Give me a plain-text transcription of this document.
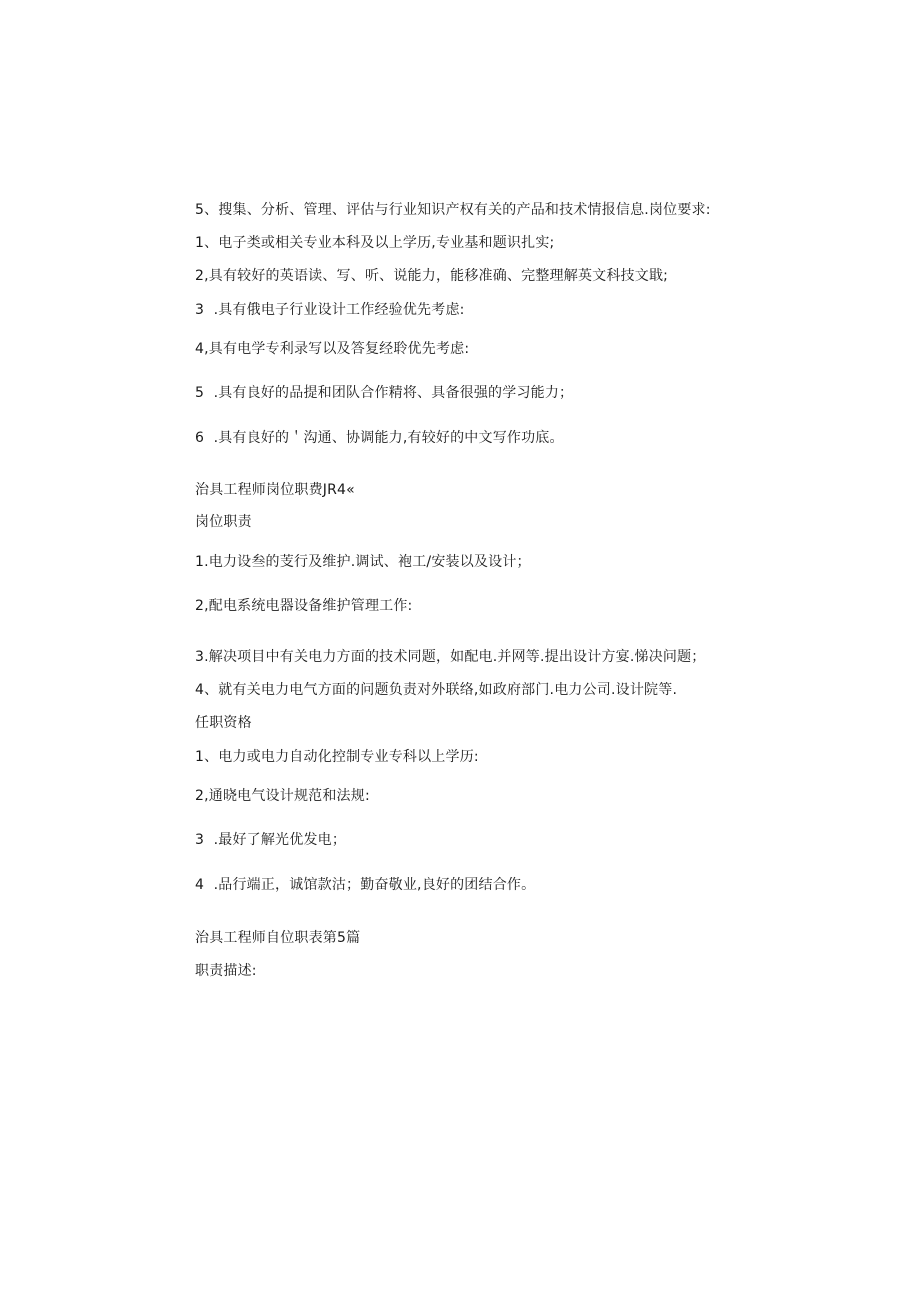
5、搜集、分析、管理、评估与行业知识产权有关的产品和技术情报信息.岗位要求:
1、电子类或相关专业本科及以上学历,专业基和题识扎实;
2,具有较好的英语读、写、听、说能力，能移准确、完整理解英文科技文戢;
3	.具有俄电子行业设计工作经验优先考虑:
4,具有电学专利录写以及答复经聆优先考虑:
5	.具有良好的品提和团队合作精将、具备很强的学习能力；
6	.具有良好的＇沟通、协调能力,有较好的中文写作功底。
治具工程师岗位职费JR4«
岗位职责
1.电力设叁的芰行及维护.调试、袍工/安装以及设计；
2,配电系统电器设备维护管理工作:
3.解决项目中有关电力方面的技术同题，如配电.并网等.提出设计方宴.悌决问题；
4、就有关电力电气方面的问题负责对外联络,如政府部门.电力公司.设计院等.
任职资格
1、电力或电力自动化控制专业专科以上学历:
2,通晓电气设计规范和法规:
3	.最好了解光优发电；
4	.品行端正，诚馆款沽；勤奋敬业,良好的团结合作。
治具工程师自位职表第5篇
职责描述:
